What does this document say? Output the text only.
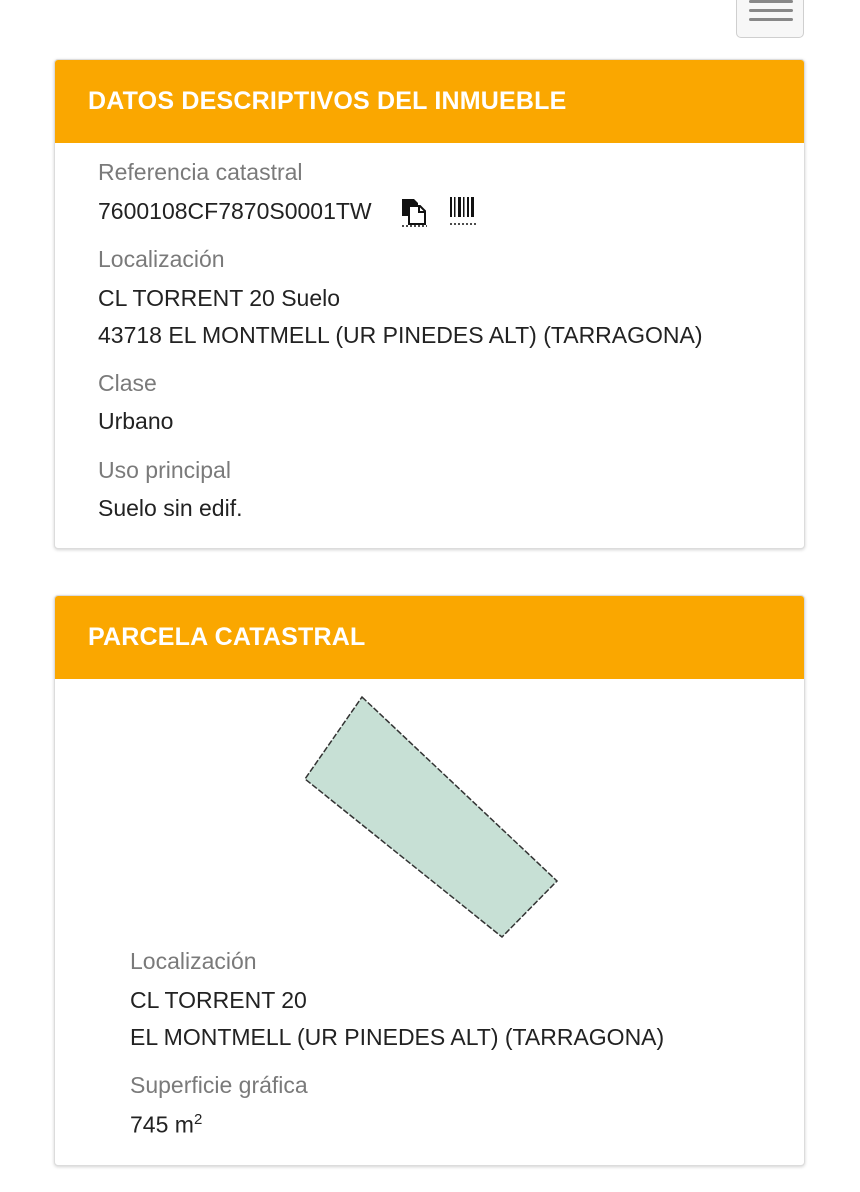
DATOS DESCRIPTIVOS DEL INMUEBLE
Referencia catastral
7600108CF7870S0001TW
Localización
CL TORRENT 20 Suelo
43718 EL MONTMELL (UR PINEDES ALT) (TARRAGONA)
Clase
Urbano
Uso principal
Suelo sin edif.
PARCELA CATASTRAL
Localización
CL TORRENT 20
EL MONTMELL (UR PINEDES ALT) (TARRAGONA)
Superficie gráfica
745 $m^2$
